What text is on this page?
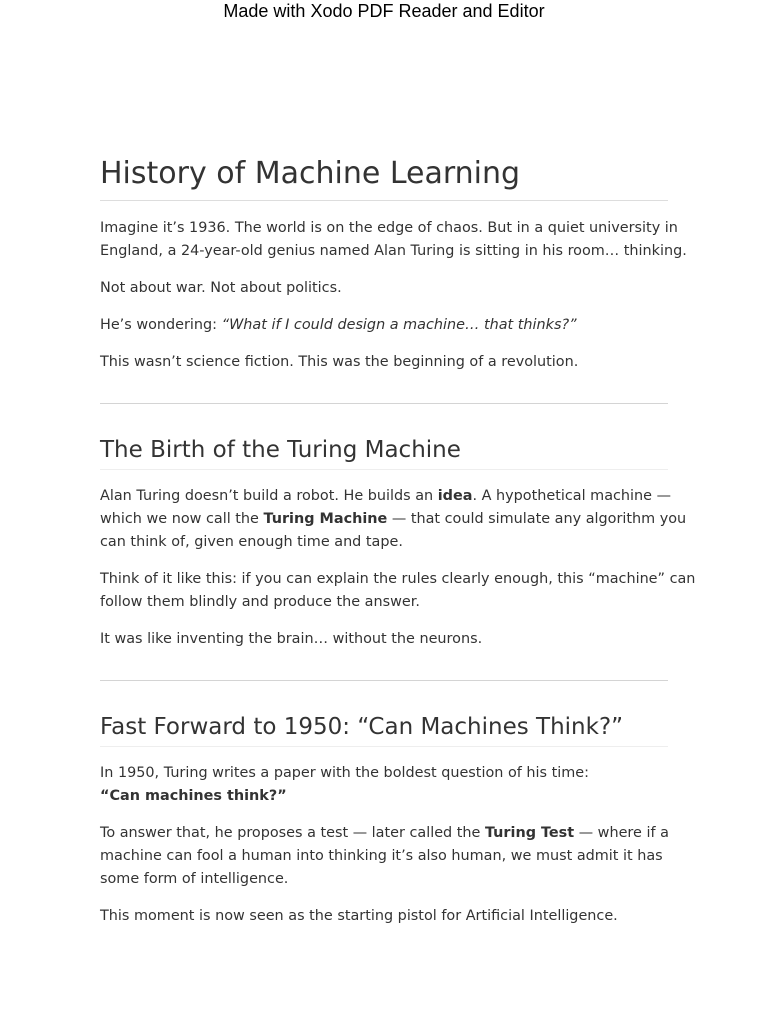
Made with Xodo PDF Reader and Editor
History of Machine Learning

Imagine it’s 1936. The world is on the edge of chaos. But in a quiet university in
England, a 24-year-old genius named Alan Turing is sitting in his room… thinking.

Not about war. Not about politics.

He’s wondering: “What if I could design a machine… that thinks?”

This wasn’t science fiction. This was the beginning of a revolution.

The Birth of the Turing Machine

Alan Turing doesn’t build a robot. He builds an idea. A hypothetical machine —
which we now call the Turing Machine — that could simulate any algorithm you
can think of, given enough time and tape.

Think of it like this: if you can explain the rules clearly enough, this “machine” can
follow them blindly and produce the answer.

It was like inventing the brain… without the neurons.

Fast Forward to 1950: “Can Machines Think?”

In 1950, Turing writes a paper with the boldest question of his time:
“Can machines think?”

To answer that, he proposes a test — later called the Turing Test — where if a
machine can fool a human into thinking it’s also human, we must admit it has
some form of intelligence.

This moment is now seen as the starting pistol for Artificial Intelligence.
